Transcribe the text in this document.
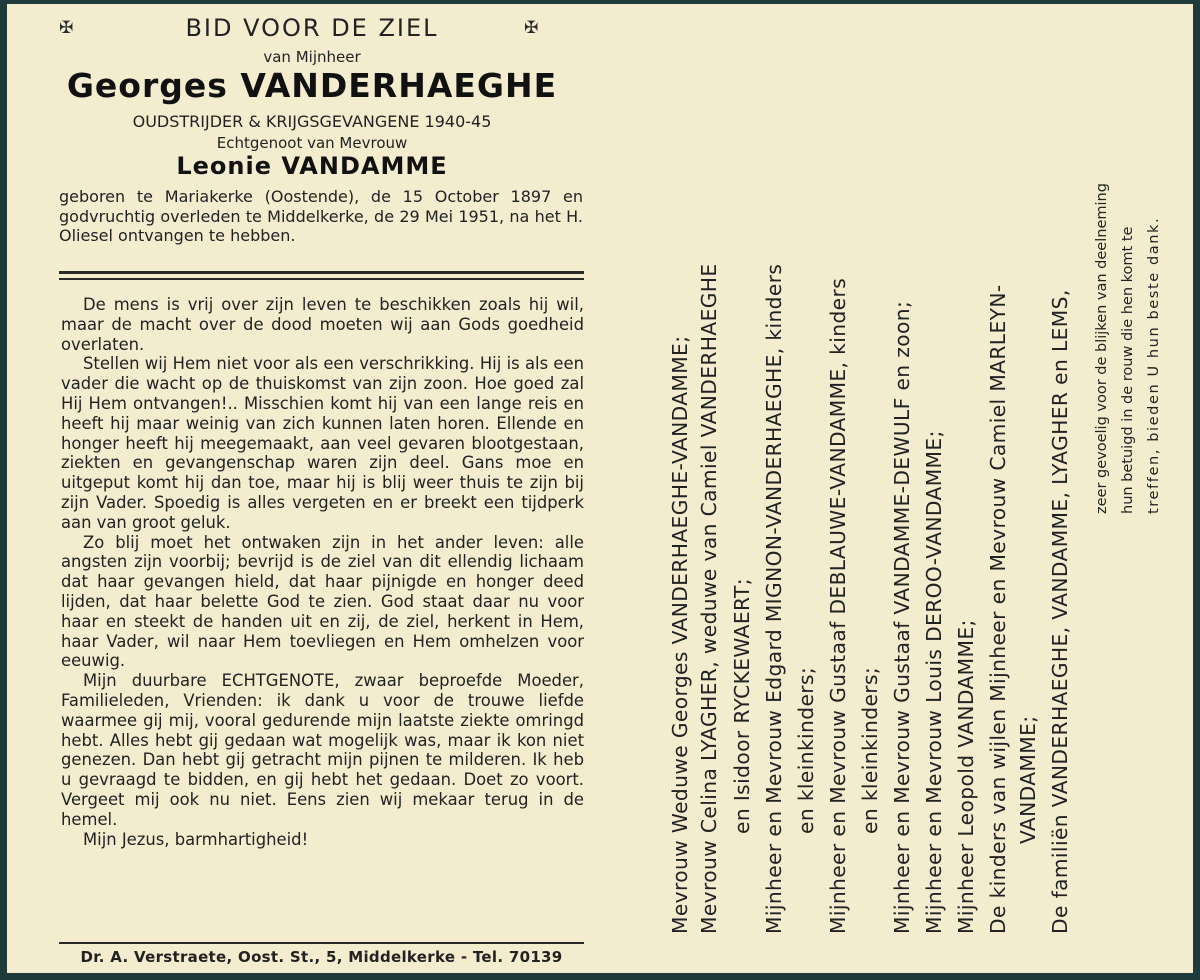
✠	✠
BID VOOR DE ZIEL
van Mijnheer
Georges VANDERHAEGHE
OUDSTRIJDER & KRIJGSGEVANGENE 1940-45
Echtgenoot van Mevrouw
Leonie VANDAMME

geboren te Mariakerke (Oostende), de 15 October 1897 en godvruchtig overleden te Middelkerke, de 29 Mei 1951, na het H. Oliesel ontvangen te hebben.

De mens is vrij over zijn leven te beschikken zoals hij wil, maar de macht over de dood moeten wij aan Gods goedheid overlaten.

Stellen wij Hem niet voor als een verschrikking. Hij is als een vader die wacht op de thuiskomst van zijn zoon. Hoe goed zal Hij Hem ontvangen!.. Misschien komt hij van een lange reis en heeft hij maar weinig van zich kunnen laten horen. Ellende en honger heeft hij meegemaakt, aan veel gevaren blootgestaan, ziekten en gevangenschap waren zijn deel. Gans moe en uitgeput komt hij dan toe, maar hij is blij weer thuis te zijn bij zijn Vader. Spoedig is alles vergeten en er breekt een tijdperk aan van groot geluk.

Zo blij moet het ontwaken zijn in het ander leven: alle angsten zijn voorbij; bevrijd is de ziel van dit ellendig lichaam dat haar gevangen hield, dat haar pijnigde en honger deed lijden, dat haar belette God te zien. God staat daar nu voor haar en steekt de handen uit en zij, de ziel, herkent in Hem, haar Vader, wil naar Hem toevliegen en Hem omhelzen voor eeuwig.

Mijn duurbare ECHTGENOTE, zwaar beproefde Moeder, Familieleden, Vrienden: ik dank u voor de trouwe liefde waarmee gij mij, vooral gedurende mijn laatste ziekte omringd hebt. Alles hebt gij gedaan wat mogelijk was, maar ik kon niet genezen. Dan hebt gij getracht mijn pijnen te milderen. Ik heb u gevraagd te bidden, en gij hebt het gedaan. Doet zo voort. Vergeet mij ook nu niet. Eens zien wij mekaar terug in de hemel.

Mijn Jezus, barmhartigheid!

Dr. A. Verstraete, Oost. St., 5, Middelkerke - Tel. 70139
Mevrouw Weduwe Georges VANDERHAEGHE-VANDAMME; Mevrouw Celina LYAGHER, weduwe van Camiel VANDERHAEGHE en Isidoor RYCKEWAERT; Mijnheer en Mevrouw Edgard MIGNON-VANDERHAEGHE, kinders en kleinkinders; Mijnheer en Mevrouw Gustaaf DEBLAUWE-VANDAMME, kinders en kleinkinders; Mijnheer en Mevrouw Gustaaf VANDAMME-DEWULF en zoon; Mijnheer en Mevrouw Louis DEROO-VANDAMME; Mijnheer Leopold VANDAMME; De kinders van wijlen Mijnheer en Mevrouw Camiel MARLEYN- VANDAMME; De familiën VANDERHAEGHE, VANDAMME, LYAGHER en LEMS,	zeer gevoelig voor de blijken van deelneming hun betuigd in de rouw die hen komt te treffen, bieden U hun beste dank.
